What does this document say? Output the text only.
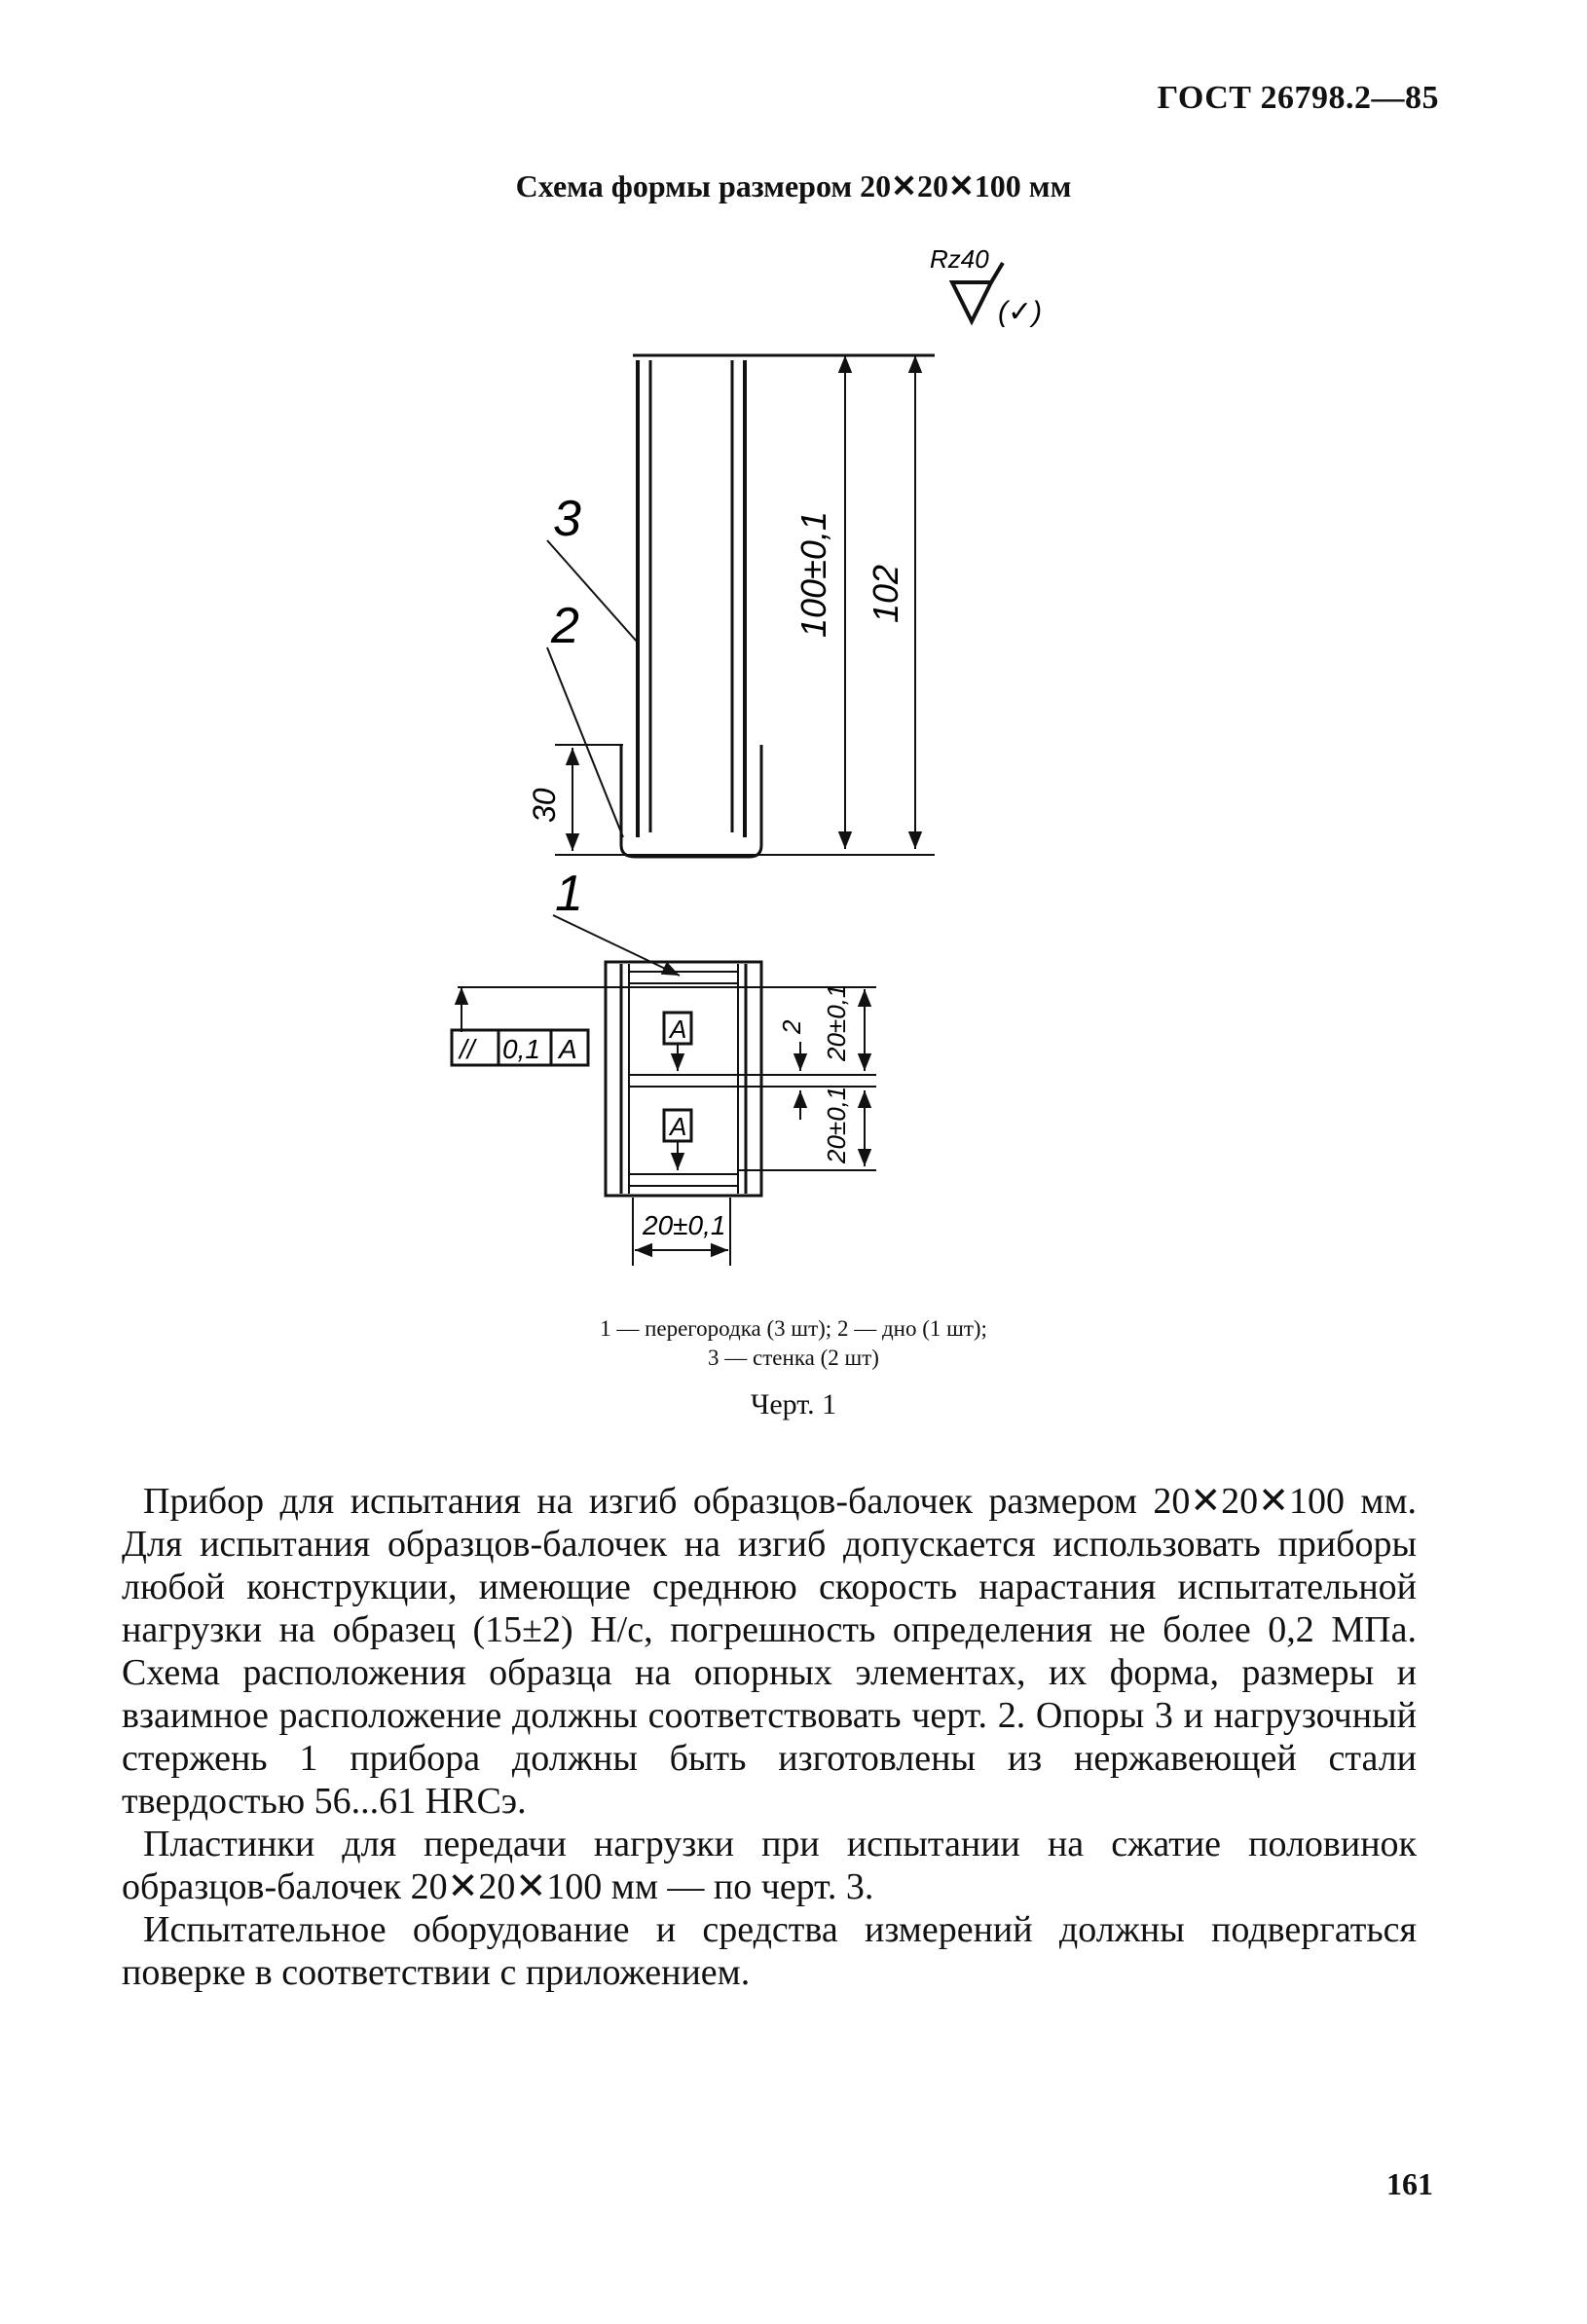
ГОСТ 26798.2—85
Схема формы размером 20✕20✕100 мм
Rz40
(✓)
100±0,1 102
30
3
2
1
// 0,1 A
A
A
2 20±0,1
20±0,1
20±0,1
1 — перегородка (3 шт); 2 — дно (1 шт);
3 — стенка (2 шт)
Черт. 1

Прибор для испытания на изгиб образцов-балочек размером 20✕20✕100 мм. Для испытания образцов-балочек на изгиб допускается использовать приборы любой конструкции, имеющие среднюю скорость нарастания испытательной нагрузки на образец (15±2) Н/с, погрешность определения не более 0,2 МПа. Схема расположения образца на опорных элементах, их форма, размеры и взаимное расположение должны соответствовать черт. 2. Опоры 3 и нагрузочный стержень 1 прибора должны быть изготовлены из нержавеющей стали твердостью 56...61 HRCэ.

Пластинки для передачи нагрузки при испытании на сжатие половинок образцов-балочек 20✕20✕100 мм — по черт. 3.

Испытательное оборудование и средства измерений должны подвергаться поверке в соответствии с приложением.

161
